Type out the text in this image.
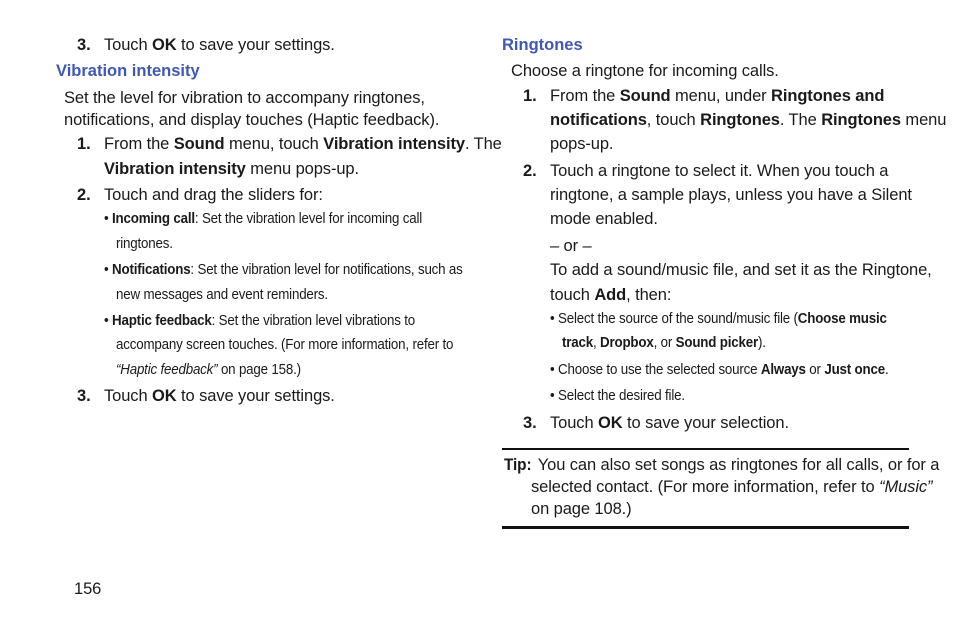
3. Touch OK to save your settings.
Vibration intensity
Set the level for vibration to accompany ringtones,
notifications, and display touches (Haptic feedback).
1. From the Sound menu, touch Vibration intensity. The
Vibration intensity menu pops-up.
2. Touch and drag the sliders for:
• Incoming call: Set the vibration level for incoming call
ringtones.
• Notifications: Set the vibration level for notifications, such as
new messages and event reminders.
• Haptic feedback: Set the vibration level vibrations to
accompany screen touches. (For more information, refer to
“Haptic feedback” on page 158.)
3. Touch OK to save your settings.
Ringtones
Choose a ringtone for incoming calls.
1. From the Sound menu, under Ringtones and
notifications, touch Ringtones. The Ringtones menu
pops-up.
2. Touch a ringtone to select it. When you touch a
ringtone, a sample plays, unless you have a Silent
mode enabled.
– or –
To add a sound/music file, and set it as the Ringtone,
touch Add, then:
• Select the source of the sound/music file (Choose music
track, Dropbox, or Sound picker).
• Choose to use the selected source Always or Just once.
• Select the desired file.
3. Touch OK to save your selection.
Tip: You can also set songs as ringtones for all calls, or for a
selected contact. (For more information, refer to “Music”
on page 108.)
156
